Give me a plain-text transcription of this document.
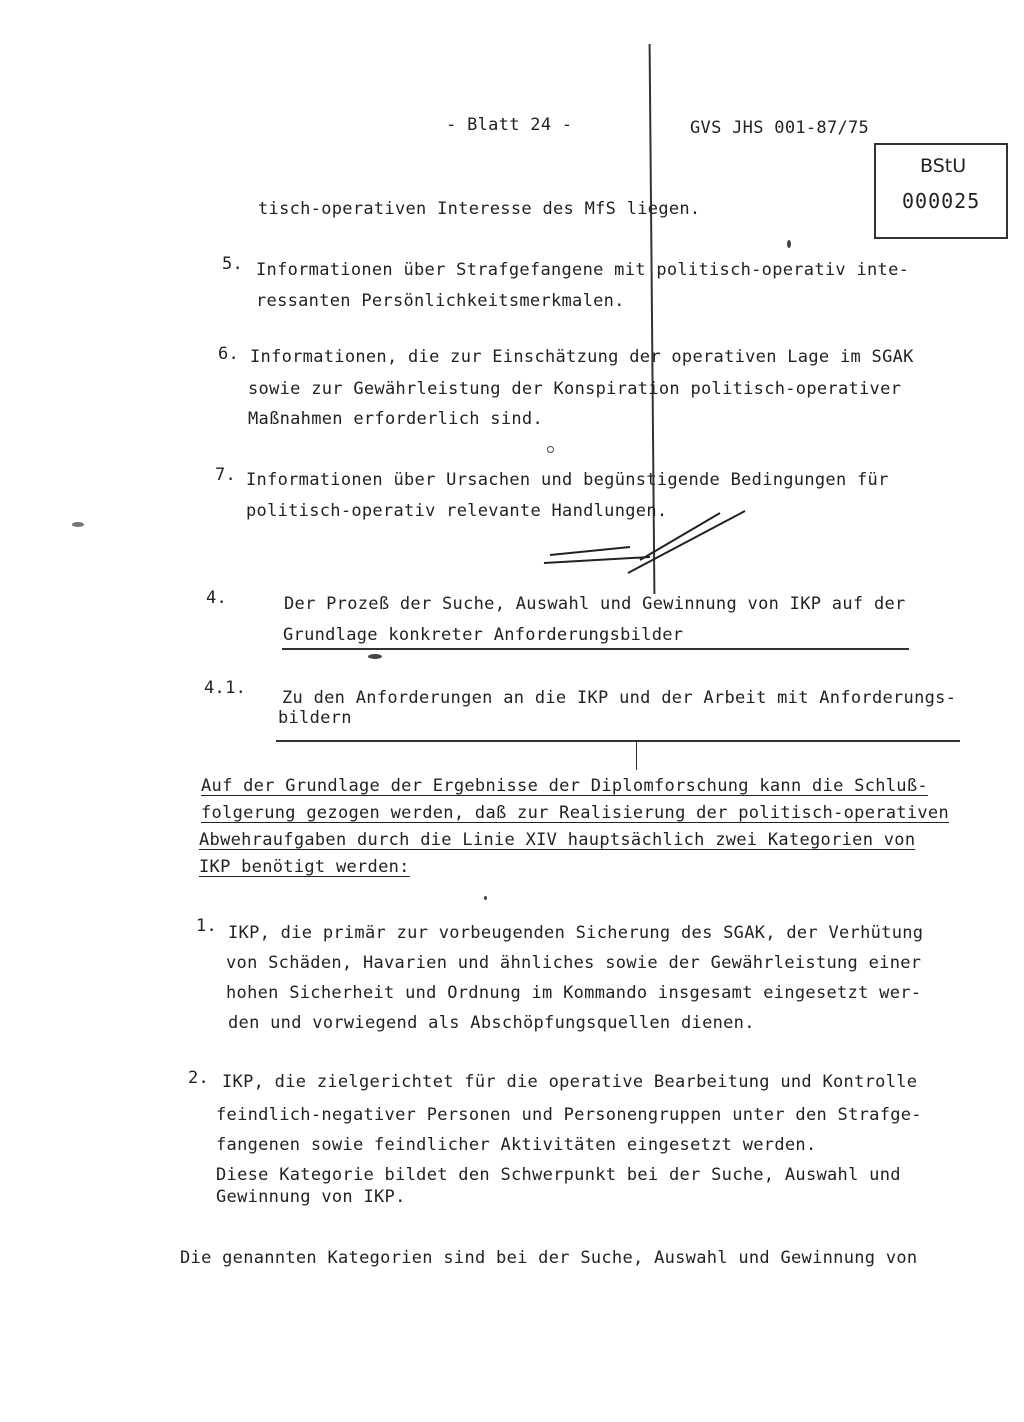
- Blatt 24 -	GVS JHS 001-87/75
BStU
000025
tisch-operativen Interesse des MfS liegen.
5. Informationen über Strafgefangene mit politisch-operativ inte-
ressanten Persönlichkeitsmerkmalen.
6. Informationen, die zur Einschätzung der operativen Lage im SGAK
sowie zur Gewährleistung der Konspiration politisch-operativer
Maßnahmen erforderlich sind.
7. Informationen über Ursachen und begünstigende Bedingungen für
politisch-operativ relevante Handlungen.
4.	Der Prozeß der Suche, Auswahl und Gewinnung von IKP auf der
Grundlage konkreter Anforderungsbilder
4.1. Zu den Anforderungen an die IKP und der Arbeit mit Anforderungs-
bildern
Auf der Grundlage der Ergebnisse der Diplomforschung kann die Schluß-
folgerung gezogen werden, daß zur Realisierung der politisch-operativen
Abwehraufgaben durch die Linie XIV hauptsächlich zwei Kategorien von
IKP benötigt werden:
1. IKP, die primär zur vorbeugenden Sicherung des SGAK, der Verhütung
von Schäden, Havarien und ähnliches sowie der Gewährleistung einer
hohen Sicherheit und Ordnung im Kommando insgesamt eingesetzt wer-
den und vorwiegend als Abschöpfungsquellen dienen.
2. IKP, die zielgerichtet für die operative Bearbeitung und Kontrolle
feindlich-negativer Personen und Personengruppen unter den Strafge-
fangenen sowie feindlicher Aktivitäten eingesetzt werden.
Diese Kategorie bildet den Schwerpunkt bei der Suche, Auswahl und
Gewinnung von IKP.
Die genannten Kategorien sind bei der Suche, Auswahl und Gewinnung von
